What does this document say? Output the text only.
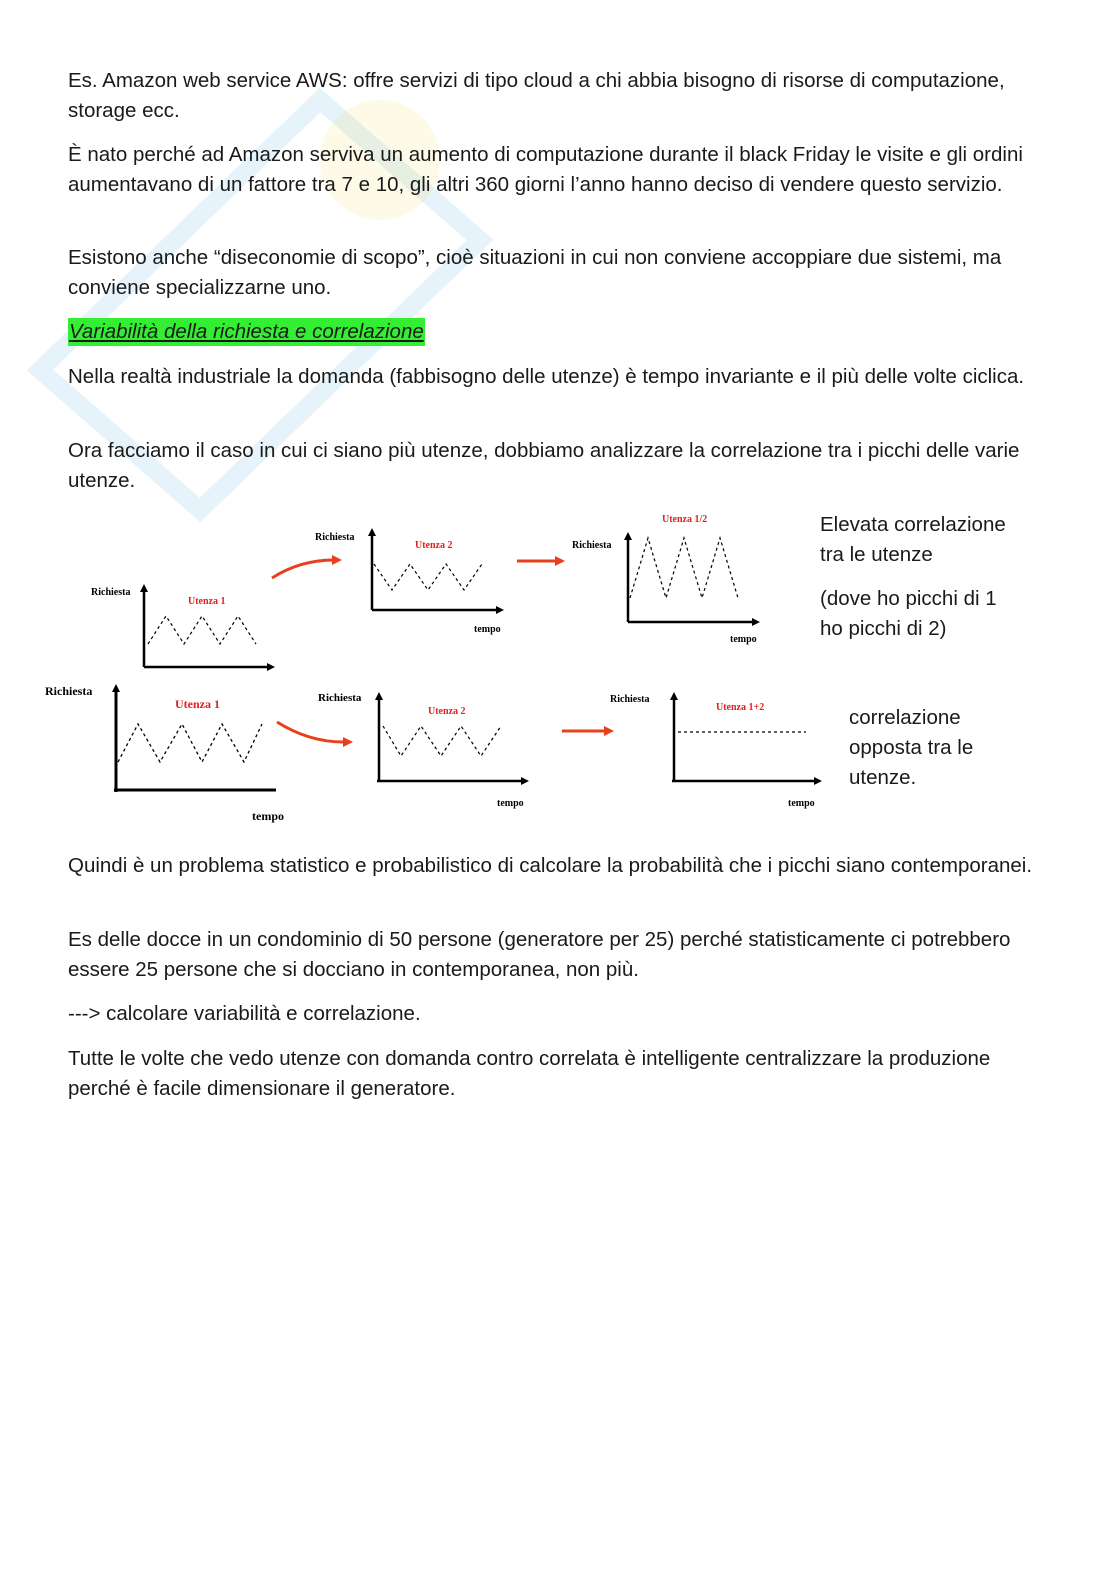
Es. Amazon web service AWS: offre servizi di tipo cloud a chi abbia bisogno di risorse di computazione, storage ecc.

È nato perché ad Amazon serviva un aumento di computazione durante il black Friday le visite e gli ordini aumentavano di un fattore tra 7 e 10, gli altri 360 giorni l’anno hanno deciso di vendere questo servizio.

Esistono anche “diseconomie di scopo”, cioè situazioni in cui non conviene accoppiare due sistemi, ma conviene specializzarne uno.

Variabilità della richiesta e correlazione

Nella realtà industriale la domanda (fabbisogno delle utenze) è tempo invariante e il più delle volte ciclica.

Ora facciamo il caso in cui ci siano più utenze, dobbiamo analizzare la correlazione tra i picchi delle varie utenze.

Richiesta
Utenza 1
Richiesta
Utenza 2
tempo
Richiesta
Utenza 1/2
tempo
Elevata correlazione
tra le utenze
(dove ho picchi di 1
ho picchi di 2)
Richiesta
Utenza 1
tempo
Richiesta
Utenza 2
tempo
Richiesta
Utenza 1+2
tempo
correlazione
opposta tra le
utenze.

Quindi è un problema statistico e probabilistico di calcolare la probabilità che i picchi siano contemporanei.

Es delle docce in un condominio di 50 persone (generatore per 25) perché statisticamente ci potrebbero essere 25 persone che si docciano in contemporanea, non più.

---> calcolare variabilità e correlazione.

Tutte le volte che vedo utenze con domanda contro correlata è intelligente centralizzare la produzione perché è facile dimensionare il generatore.
